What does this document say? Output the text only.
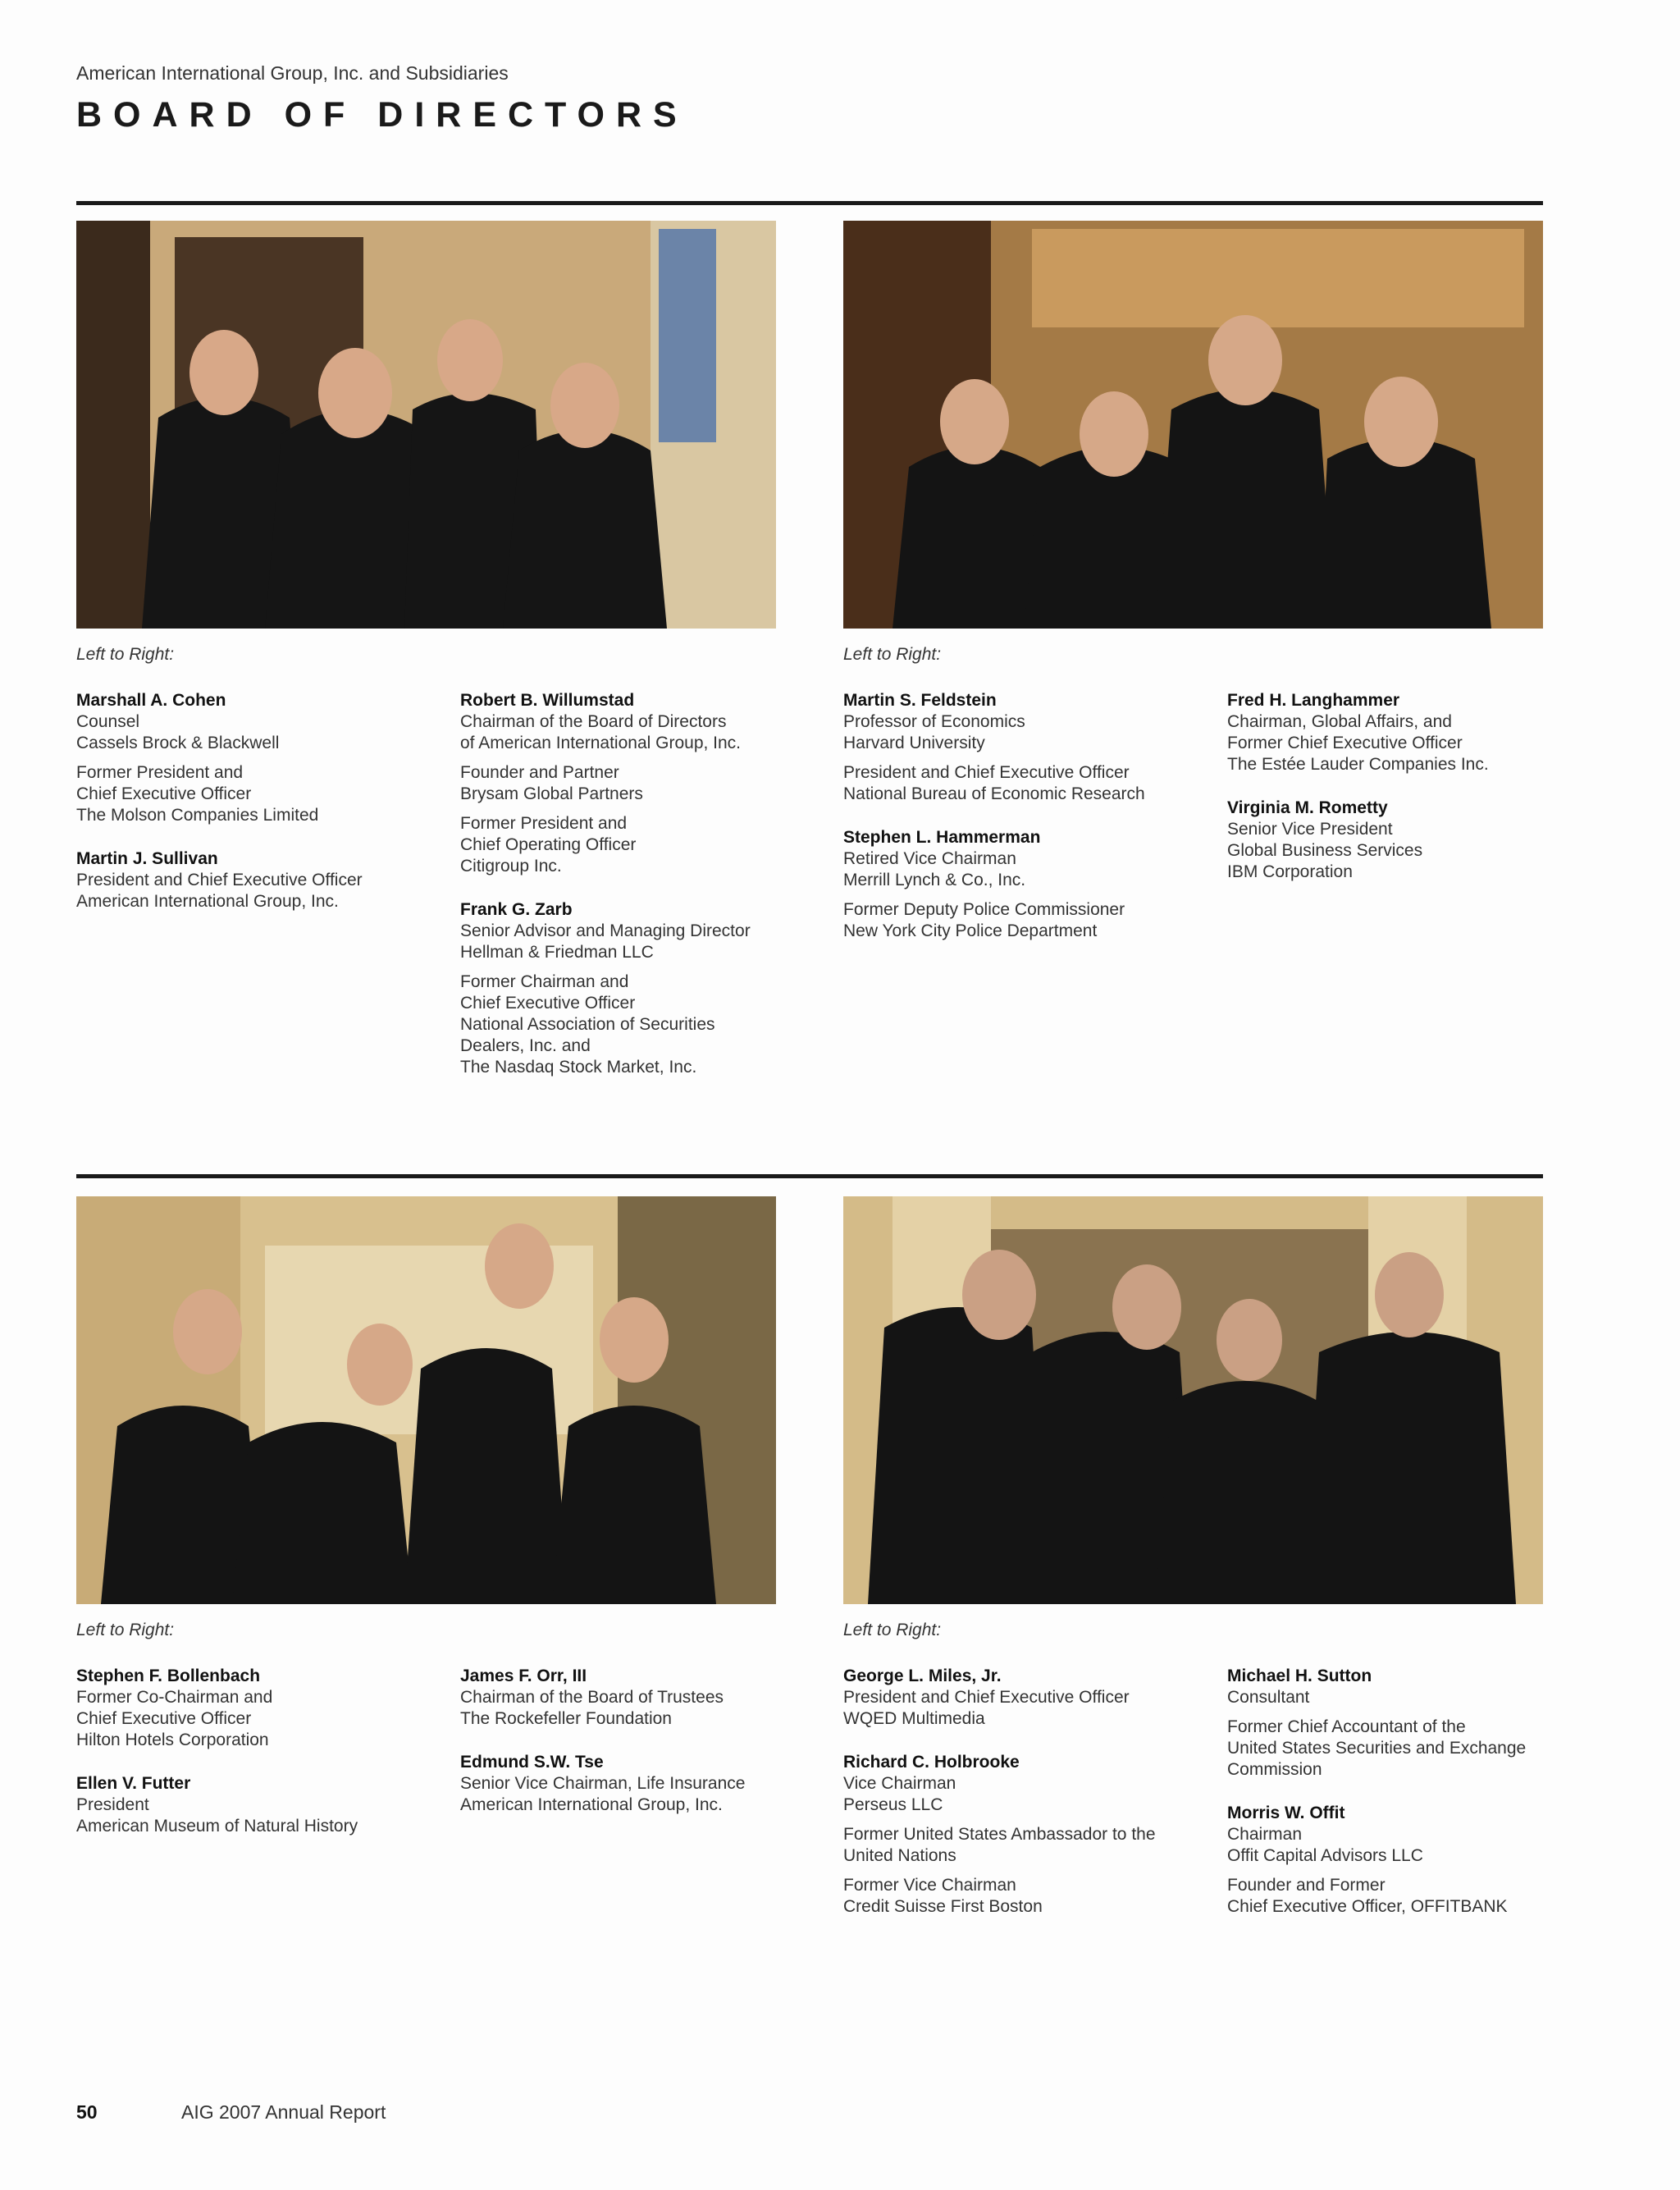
American International Group, Inc. and Subsidiaries
BOARD OF DIRECTORS
Left to Right:	Left to Right:
Left to Right:	Left to Right:
Marshall A. Cohen
Counsel
Cassels Brock & Blackwell
Former President and
Chief Executive Officer
The Molson Companies Limited
Martin J. Sullivan
President and Chief Executive Officer
American International Group, Inc.
Robert B. Willumstad
Chairman of the Board of Directors
of American International Group, Inc.
Founder and Partner
Brysam Global Partners
Former President and
Chief Operating Officer
Citigroup Inc.
Frank G. Zarb
Senior Advisor and Managing Director
Hellman & Friedman LLC
Former Chairman and
Chief Executive Officer
National Association of Securities
Dealers, Inc. and
The Nasdaq Stock Market, Inc.
Martin S. Feldstein
Professor of Economics
Harvard University
President and Chief Executive Officer
National Bureau of Economic Research
Stephen L. Hammerman
Retired Vice Chairman
Merrill Lynch & Co., Inc.
Former Deputy Police Commissioner
New York City Police Department
Fred H. Langhammer
Chairman, Global Affairs, and
Former Chief Executive Officer
The Estée Lauder Companies Inc.
Virginia M. Rometty
Senior Vice President
Global Business Services
IBM Corporation
Stephen F. Bollenbach
Former Co-Chairman and
Chief Executive Officer
Hilton Hotels Corporation
Ellen V. Futter
President
American Museum of Natural History
James F. Orr, III
Chairman of the Board of Trustees
The Rockefeller Foundation
Edmund S.W. Tse
Senior Vice Chairman, Life Insurance
American International Group, Inc.
George L. Miles, Jr.
President and Chief Executive Officer
WQED Multimedia
Richard C. Holbrooke
Vice Chairman
Perseus LLC
Former United States Ambassador to the
United Nations
Former Vice Chairman
Credit Suisse First Boston
Michael H. Sutton
Consultant
Former Chief Accountant of the
United States Securities and Exchange
Commission
Morris W. Offit
Chairman
Offit Capital Advisors LLC
Founder and Former
Chief Executive Officer, OFFITBANK
50	AIG 2007 Annual Report
